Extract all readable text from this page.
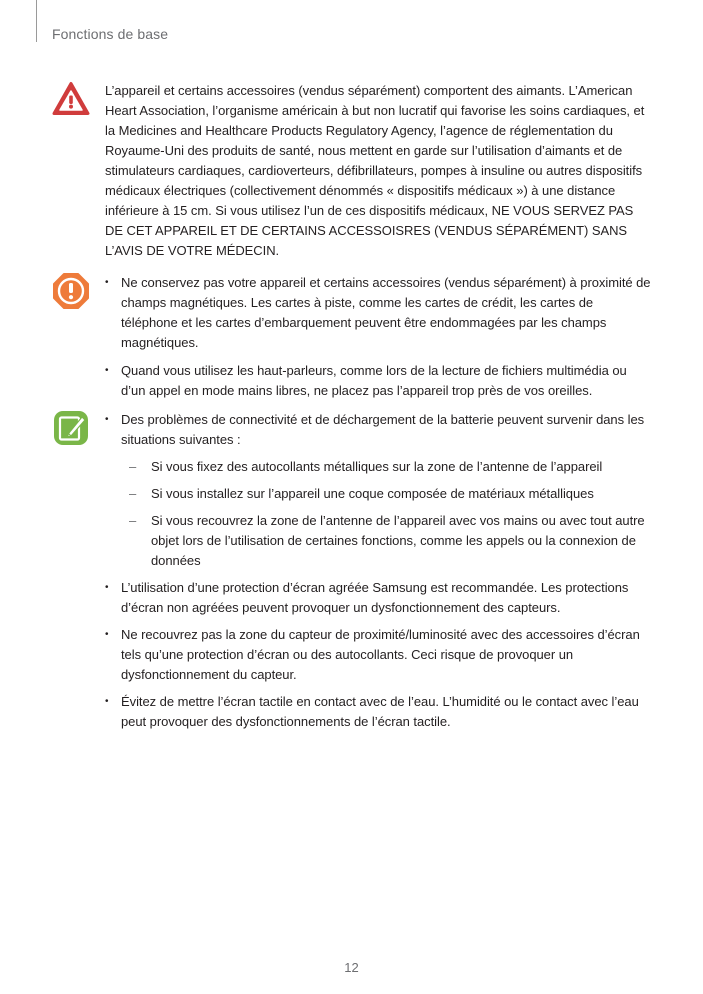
Fonctions de base

L’appareil et certains accessoires (vendus séparément) comportent des aimants. L’American Heart Association, l’organisme américain à but non lucratif qui favorise les soins cardiaques, et la Medicines and Healthcare Products Regulatory Agency, l’agence de réglementation du Royaume-Uni des produits de santé, nous mettent en garde sur l’utilisation d’aimants et de stimulateurs cardiaques, cardioverteurs, défibrillateurs, pompes à insuline ou autres dispositifs médicaux électriques (collectivement dénommés « dispositifs médicaux ») à une distance inférieure à 15 cm. Si vous utilisez l’un de ces dispositifs médicaux, NE VOUS SERVEZ PAS DE CET APPAREIL ET DE CERTAINS ACCESSOISRES (VENDUS SÉPARÉMENT) SANS L’AVIS DE VOTRE MÉDECIN.

• Ne conservez pas votre appareil et certains accessoires (vendus séparément) à proximité de champs magnétiques. Les cartes à piste, comme les cartes de crédit, les cartes de téléphone et les cartes d’embarquement peuvent être endommagées par les champs magnétiques.

• Quand vous utilisez les haut-parleurs, comme lors de la lecture de fichiers multimédia ou d’un appel en mode mains libres, ne placez pas l’appareil trop près de vos oreilles.

• Des problèmes de connectivité et de déchargement de la batterie peuvent survenir dans les situations suivantes :

– Si vous fixez des autocollants métalliques sur la zone de l’antenne de l’appareil

– Si vous installez sur l’appareil une coque composée de matériaux métalliques

– Si vous recouvrez la zone de l’antenne de l’appareil avec vos mains ou avec tout autre objet lors de l’utilisation de certaines fonctions, comme les appels ou la connexion de données

• L’utilisation d’une protection d’écran agréée Samsung est recommandée. Les protections d’écran non agréées peuvent provoquer un dysfonctionnement des capteurs.

• Ne recouvrez pas la zone du capteur de proximité/luminosité avec des accessoires d’écran tels qu’une protection d’écran ou des autocollants. Ceci risque de provoquer un dysfonctionnement du capteur.

• Évitez de mettre l’écran tactile en contact avec de l’eau. L’humidité ou le contact avec l’eau peut provoquer des dysfonctionnements de l’écran tactile.

12
